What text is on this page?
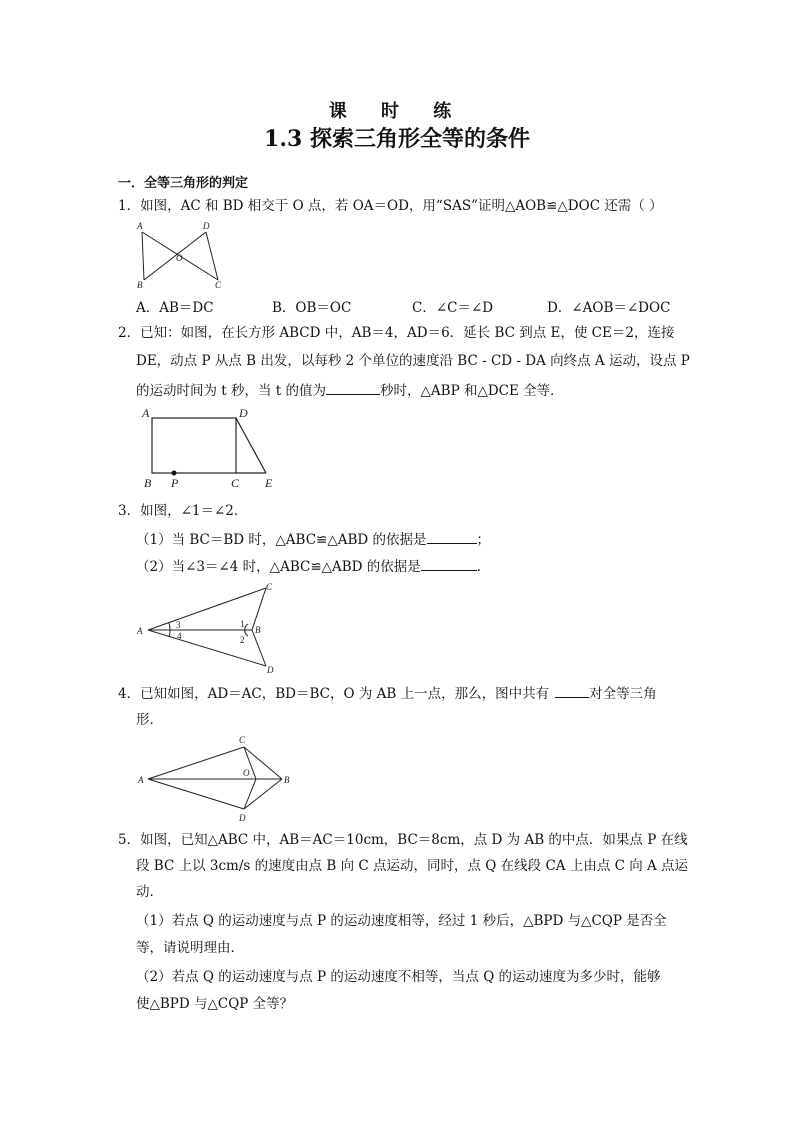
课 时 练
1.3 探索三角形全等的条件
一．全等三角形的判定
1．如图，AC 和 BD 相交于 O 点，若 OA＝OD，用“SAS”证明△AOB≌△DOC 还需（ ）
A	D
O
B	C
A．AB＝DC	B．OB＝OC	C．∠C＝∠D	D．∠AOB＝∠DOC
2．已知：如图，在长方形 ABCD 中，AB＝4，AD＝6．延长 BC 到点 E，使 CE＝2，连接
DE，动点 P 从点 B 出发，以每秒 2 个单位的速度沿 BC - CD - DA 向终点 A 运动，设点 P
的运动时间为 t 秒，当 t 的值为	秒时，△ABP 和△DCE 全等．
A	D
B P	C E
3．如图，∠1＝∠2．
（1）当 BC＝BD 时，△ABC≌△ABD 的依据是	；
（2）当∠3＝∠4 时，△ABC≌△ABD 的依据是	．
A	B
C
D
1
2
3
4
4．已知如图，AD＝AC，BD＝BC，O 为 AB 上一点，那么，图中共有	对全等三角
形．
A	B
C
D
O
5．如图，已知△ABC 中，AB＝AC＝10cm，BC＝8cm，点 D 为 AB 的中点．如果点 P 在线
段 BC 上以 3cm/s 的速度由点 B 向 C 点运动，同时，点 Q 在线段 CA 上由点 C 向 A 点运
动．
（1）若点 Q 的运动速度与点 P 的运动速度相等，经过 1 秒后，△BPD 与△CQP 是否全
等，请说明理由．
（2）若点 Q 的运动速度与点 P 的运动速度不相等，当点 Q 的运动速度为多少时，能够
使△BPD 与△CQP 全等？
